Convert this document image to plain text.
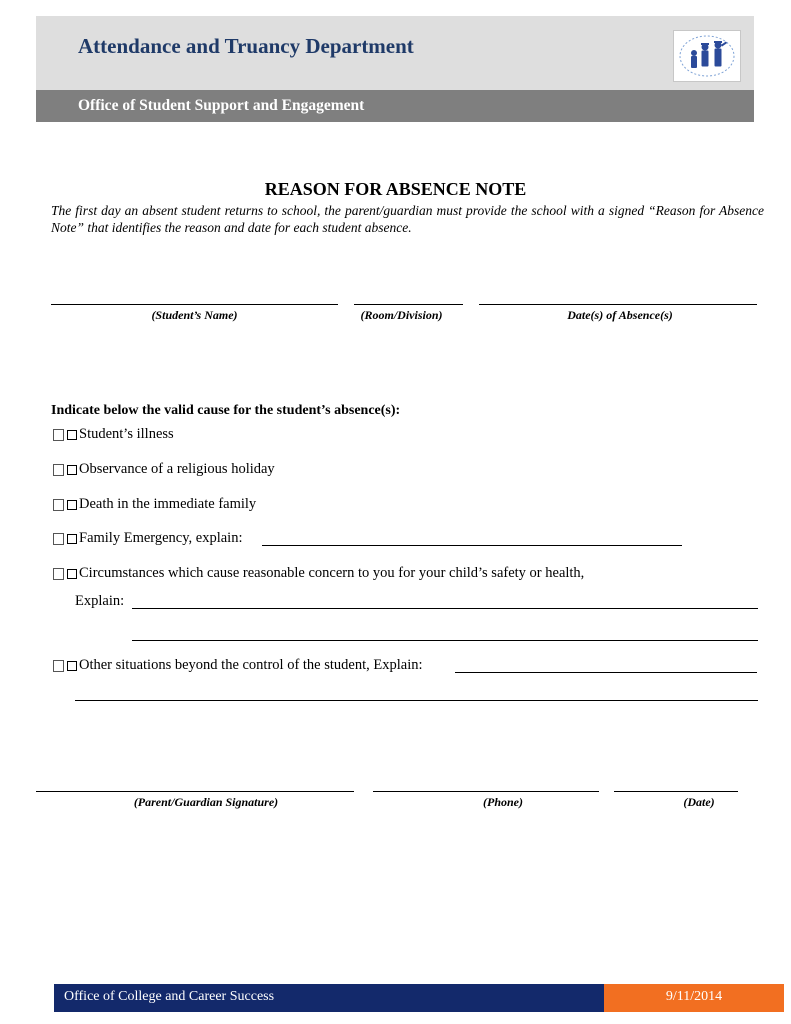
Attendance and Truancy Department
Office of Student Support and Engagement
REASON FOR ABSENCE NOTE
The first day an absent student returns to school, the parent/guardian must provide the school with a signed “Reason for Absence Note” that identifies the reason and date for each student absence.
(Student’s Name)	(Room/Division)	Date(s) of Absence(s)
Indicate below the valid cause for the student’s absence(s):
Student’s illness
Observance of a religious holiday
Death in the immediate family
Family Emergency, explain:
Circumstances which cause reasonable concern to you for your child’s safety or health,
Explain:
Other situations beyond the control of the student, Explain:
(Parent/Guardian Signature)	(Phone)	(Date)
Office of College and Career Success	9/11/2014
